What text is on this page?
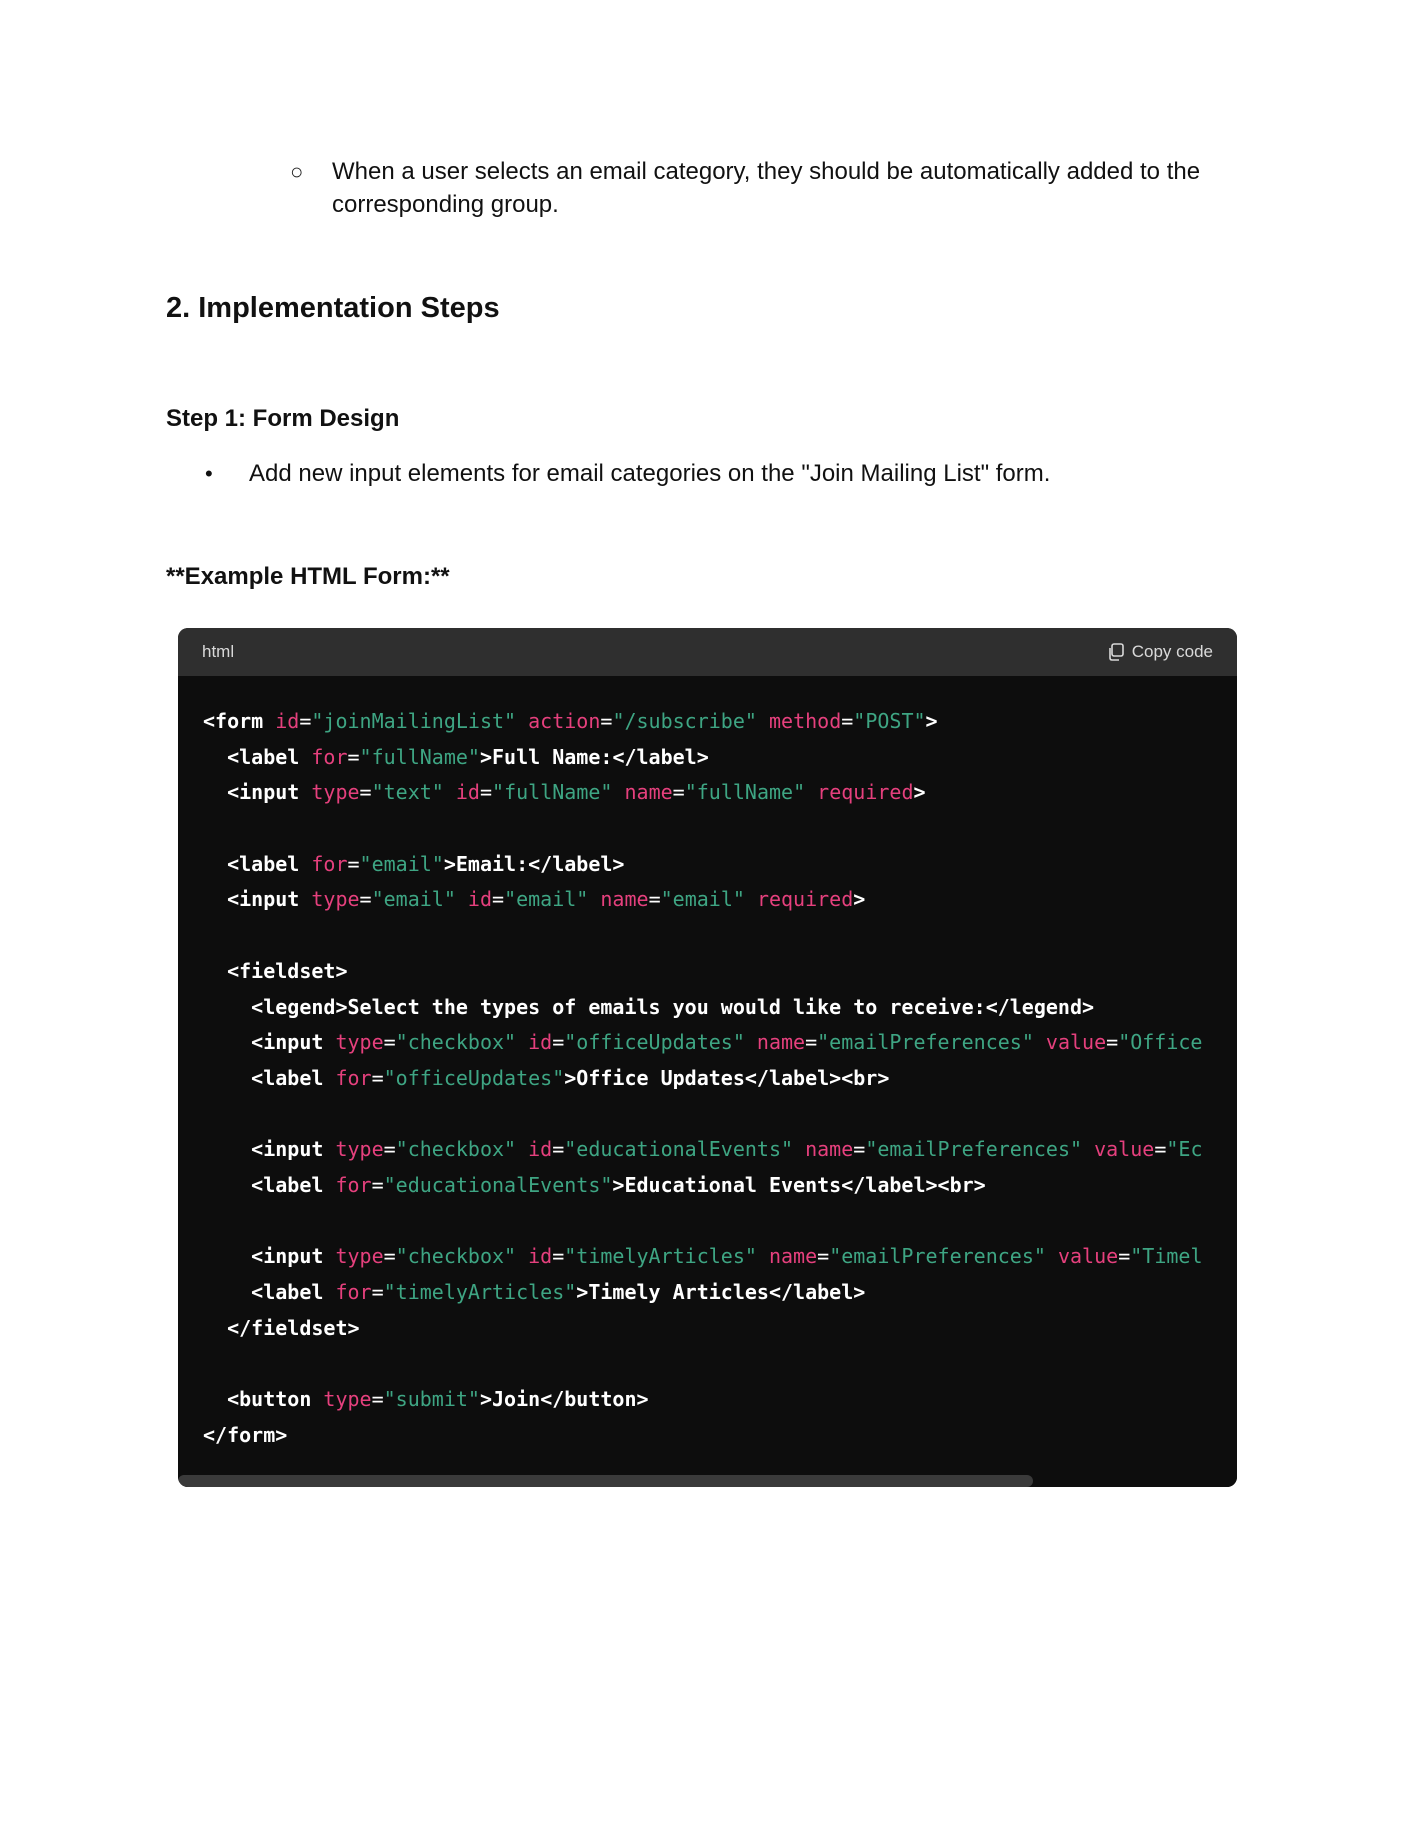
○	When a user selects an email category, they should be automatically added to the corresponding group.
2. Implementation Steps
Step 1: Form Design
•	Add new input elements for email categories on the "Join Mailing List" form.
**Example HTML Form:**
html	Copy code
<form id="joinMailingList" action="/subscribe" method="POST">
<label for="fullName">Full Name:</label>
<input type="text" id="fullName" name="fullName" required>

<label for="email">Email:</label>
<input type="email" id="email" name="email" required>

<fieldset>
<legend>Select the types of emails you would like to receive:</legend>
<input type="checkbox" id="officeUpdates" name="emailPreferences" value="Office
<label for="officeUpdates">Office Updates</label><br>

<input type="checkbox" id="educationalEvents" name="emailPreferences" value="Ec
<label for="educationalEvents">Educational Events</label><br>

<input type="checkbox" id="timelyArticles" name="emailPreferences" value="Timel
<label for="timelyArticles">Timely Articles</label>
</fieldset>

<button type="submit">Join</button>
</form>
